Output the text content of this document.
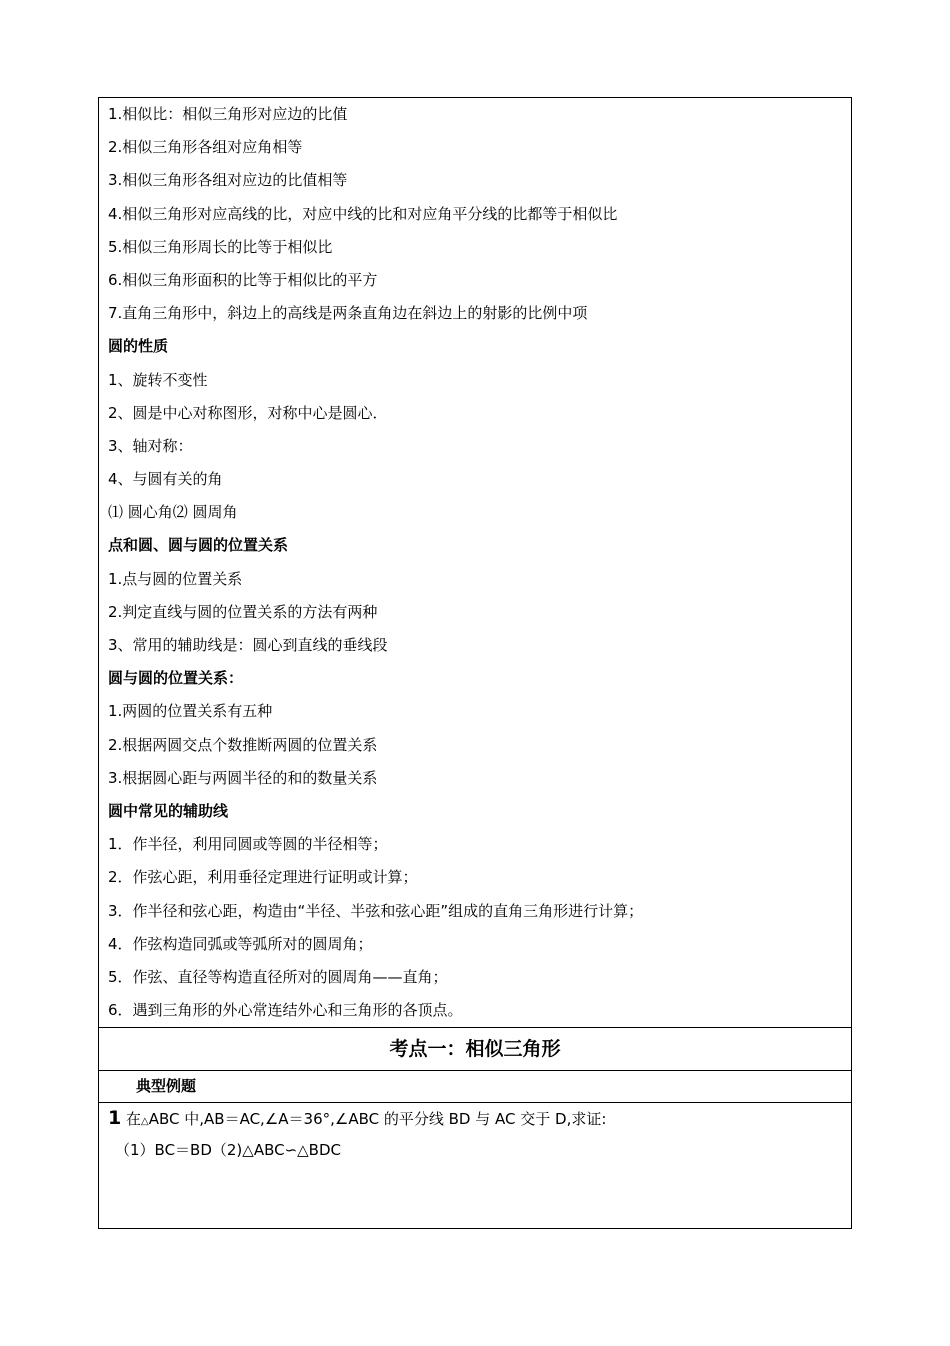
1.相似比：相似三角形对应边的比值
2.相似三角形各组对应角相等
3.相似三角形各组对应边的比值相等
4.相似三角形对应高线的比，对应中线的比和对应角平分线的比都等于相似比
5.相似三角形周长的比等于相似比
6.相似三角形面积的比等于相似比的平方
7.直角三角形中，斜边上的高线是两条直角边在斜边上的射影的比例中项
圆的性质
1、旋转不变性
2、圆是中心对称图形，对称中心是圆心．
3、轴对称：
4、与圆有关的角
⑴ 圆心角⑵ 圆周角
点和圆、圆与圆的位置关系
1.点与圆的位置关系
2.判定直线与圆的位置关系的方法有两种
3、常用的辅助线是：圆心到直线的垂线段
圆与圆的位置关系：
1.两圆的位置关系有五种
2.根据两圆交点个数推断两圆的位置关系
3.根据圆心距与两圆半径的和的数量关系
圆中常见的辅助线
1．作半径，利用同圆或等圆的半径相等；
2．作弦心距，利用垂径定理进行证明或计算；
3．作半径和弦心距，构造由“半径、半弦和弦心距”组成的直角三角形进行计算；
4．作弦构造同弧或等弧所对的圆周角；
5．作弦、直径等构造直径所对的圆周角——直角；
6．遇到三角形的外心常连结外心和三角形的各顶点。
考点一：相似三角形
典型例题
1 在△ABC 中,AB＝AC,∠A＝36°,∠ABC 的平分线 BD 与 AC 交于 D,求证:
（1）BC＝BD（2)△ABC∽△BDC
